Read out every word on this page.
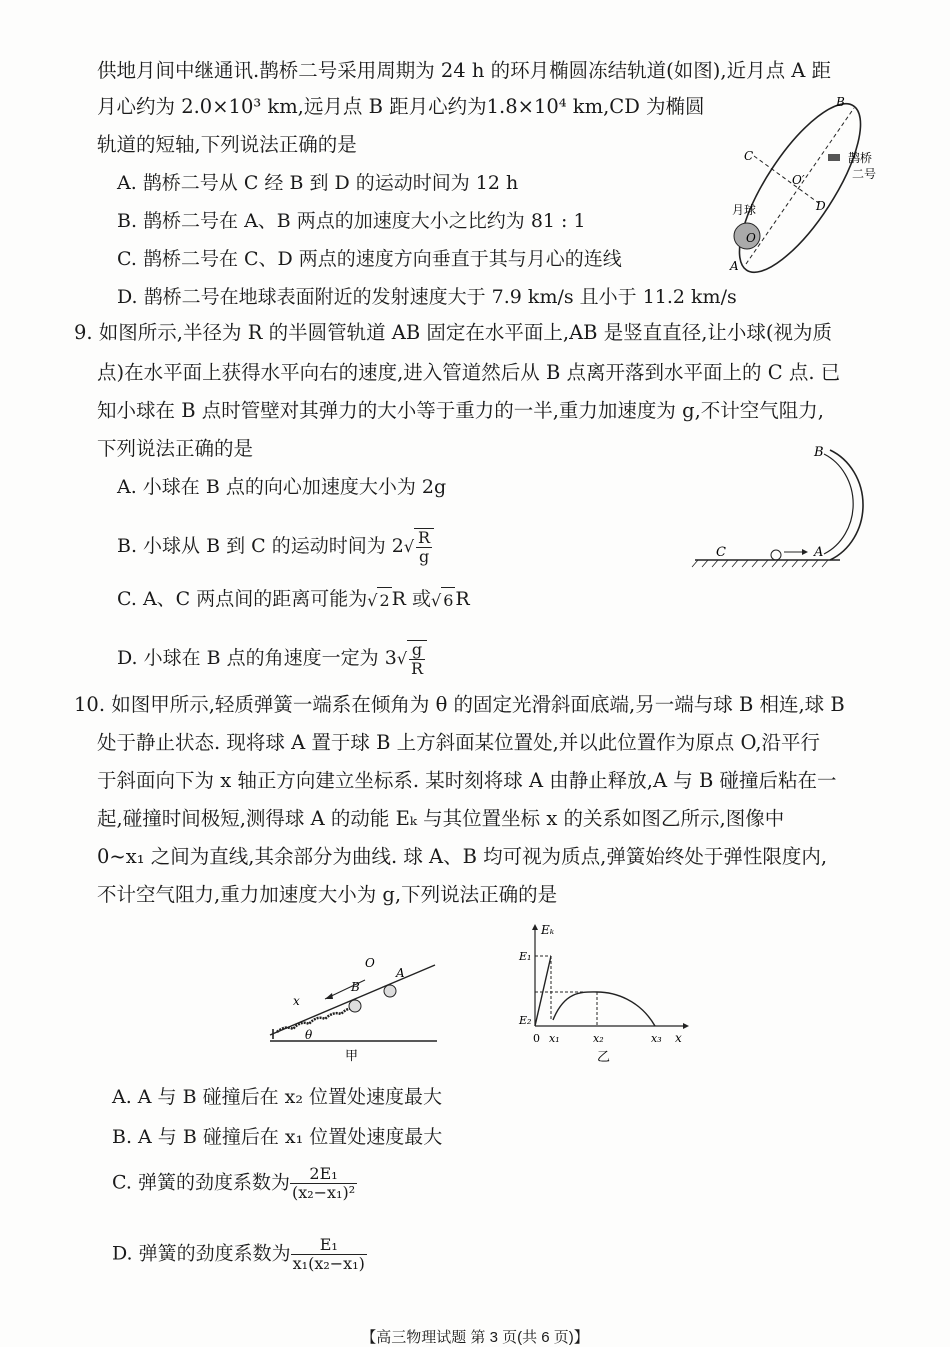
供地月间中继通讯.鹊桥二号采用周期为 24 h 的环月椭圆冻结轨道(如图),近月点 A 距
月心约为 2.0×10³ km,远月点 B 距月心约为1.8×10⁴ km,CD 为椭圆
轨道的短轴,下列说法正确的是
A. 鹊桥二号从 C 经 B 到 D 的运动时间为 12 h
B. 鹊桥二号在 A、B 两点的加速度大小之比约为 81 : 1
C. 鹊桥二号在 C、D 两点的速度方向垂直于其与月心的连线
D. 鹊桥二号在地球表面附近的发射速度大于 7.9 km/s 且小于 11.2 km/s
O
月球
B
C
D
O′
A
鹊桥
二号
9. 如图所示,半径为 R 的半圆管轨道 AB 固定在水平面上,AB 是竖直直径,让小球(视为质
点)在水平面上获得水平向右的速度,进入管道然后从 B 点离开落到水平面上的 C 点. 已
知小球在 B 点时管壁对其弹力的大小等于重力的一半,重力加速度为 g,不计空气阻力,
下列说法正确的是
A. 小球在 B 点的向心加速度大小为 2g
B. 小球从 B 到 C 的运动时间为 $2√ \frac{R}{g}$
C. A、C 两点间的距离可能为√ 2 R 或√ 6 R
D. 小球在 B 点的角速度一定为 $3√ \frac{g}{R}$
A
C
B
10. 如图甲所示,轻质弹簧一端系在倾角为 θ 的固定光滑斜面底端,另一端与球 B 相连,球 B
处于静止状态. 现将球 A 置于球 B 上方斜面某位置处,并以此位置作为原点 O,沿平行
于斜面向下为 x 轴正方向建立坐标系. 某时刻将球 A 由静止释放,A 与 B 碰撞后粘在一
起,碰撞时间极短,测得球 A 的动能 Eₖ 与其位置坐标 x 的关系如图乙所示,图像中
0~x₁ 之间为直线,其余部分为曲线. 球 A、B 均可视为质点,弹簧始终处于弹性限度内,
不计空气阻力,重力加速度大小为 g,下列说法正确的是
B
A
O
x
θ
甲
Eₖ
E₁
E₂
0 x₁	x₂	x₃ x
乙
A. A 与 B 碰撞后在 x₂ 位置处速度最大
B. A 与 B 碰撞后在 x₁ 位置处速度最大
C. 弹簧的劲度系数为 $\frac{\text{2E₁}}{\text{(x₂−x₁)²}}$
D. 弹簧的劲度系数为 $\frac{\text{E₁}}{\text{x₁(x₂−x₁)}}$
【高三物理试题 第 3 页(共 6 页)】
